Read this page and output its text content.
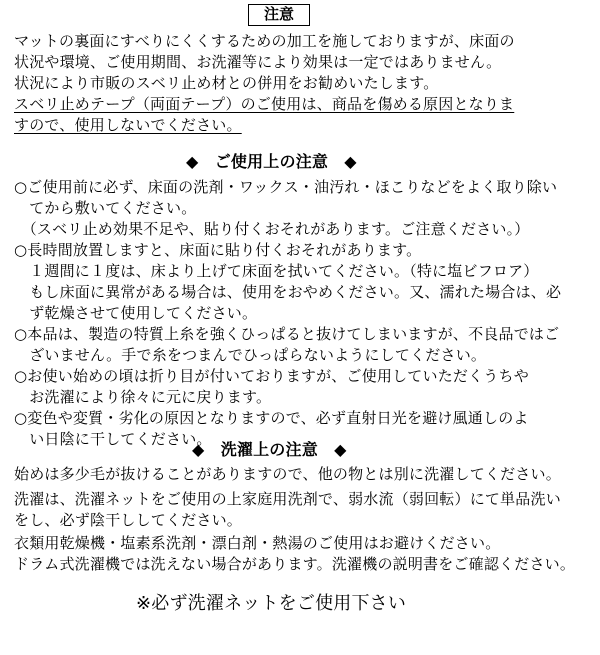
注意
マットの裏面にすべりにくくするための加工を施しておりますが、床面の
状況や環境、ご使用期間、お洗濯等により効果は一定ではありません。
状況により市販のスベリ止め材との併用をお勧めいたします。
スベリ止めテープ（両面テープ）のご使用は、商品を傷める原因となりま
すので、使用しないでください。
◆　ご使用上の注意　◆
○ご使用前に必ず、床面の洗剤・ワックス・油汚れ・ほこりなどをよく取り除い
　てから敷いてください。
　（スベリ止め効果不足や、貼り付くおそれがあります。ご注意ください。）
○長時間放置しますと、床面に貼り付くおそれがあります。
　１週間に１度は、床より上げて床面を拭いてください。（特に塩ビフロア）
　もし床面に異常がある場合は、使用をおやめください。又、濡れた場合は、必
　ず乾燥させて使用してください。
○本品は、製造の特質上糸を強くひっぱると抜けてしまいますが、不良品ではご
　ざいません。手で糸をつまんでひっぱらないようにしてください。
○お使い始めの頃は折り目が付いておりますが、ご使用していただくうちや
　お洗濯により徐々に元に戻ります。
○変色や変質・劣化の原因となりますので、必ず直射日光を避け風通しのよ
　い日陰に干してください。
◆　洗濯上の注意　◆
始めは多少毛が抜けることがありますので、他の物とは別に洗濯してください。
洗濯は、洗濯ネットをご使用の上家庭用洗剤で、弱水流（弱回転）にて単品洗い
をし、必ず陰干ししてください。
衣類用乾燥機・塩素系洗剤・漂白剤・熱湯のご使用はお避けください。
ドラム式洗濯機では洗えない場合があります。洗濯機の説明書をご確認ください。
※必ず洗濯ネットをご使用下さい
